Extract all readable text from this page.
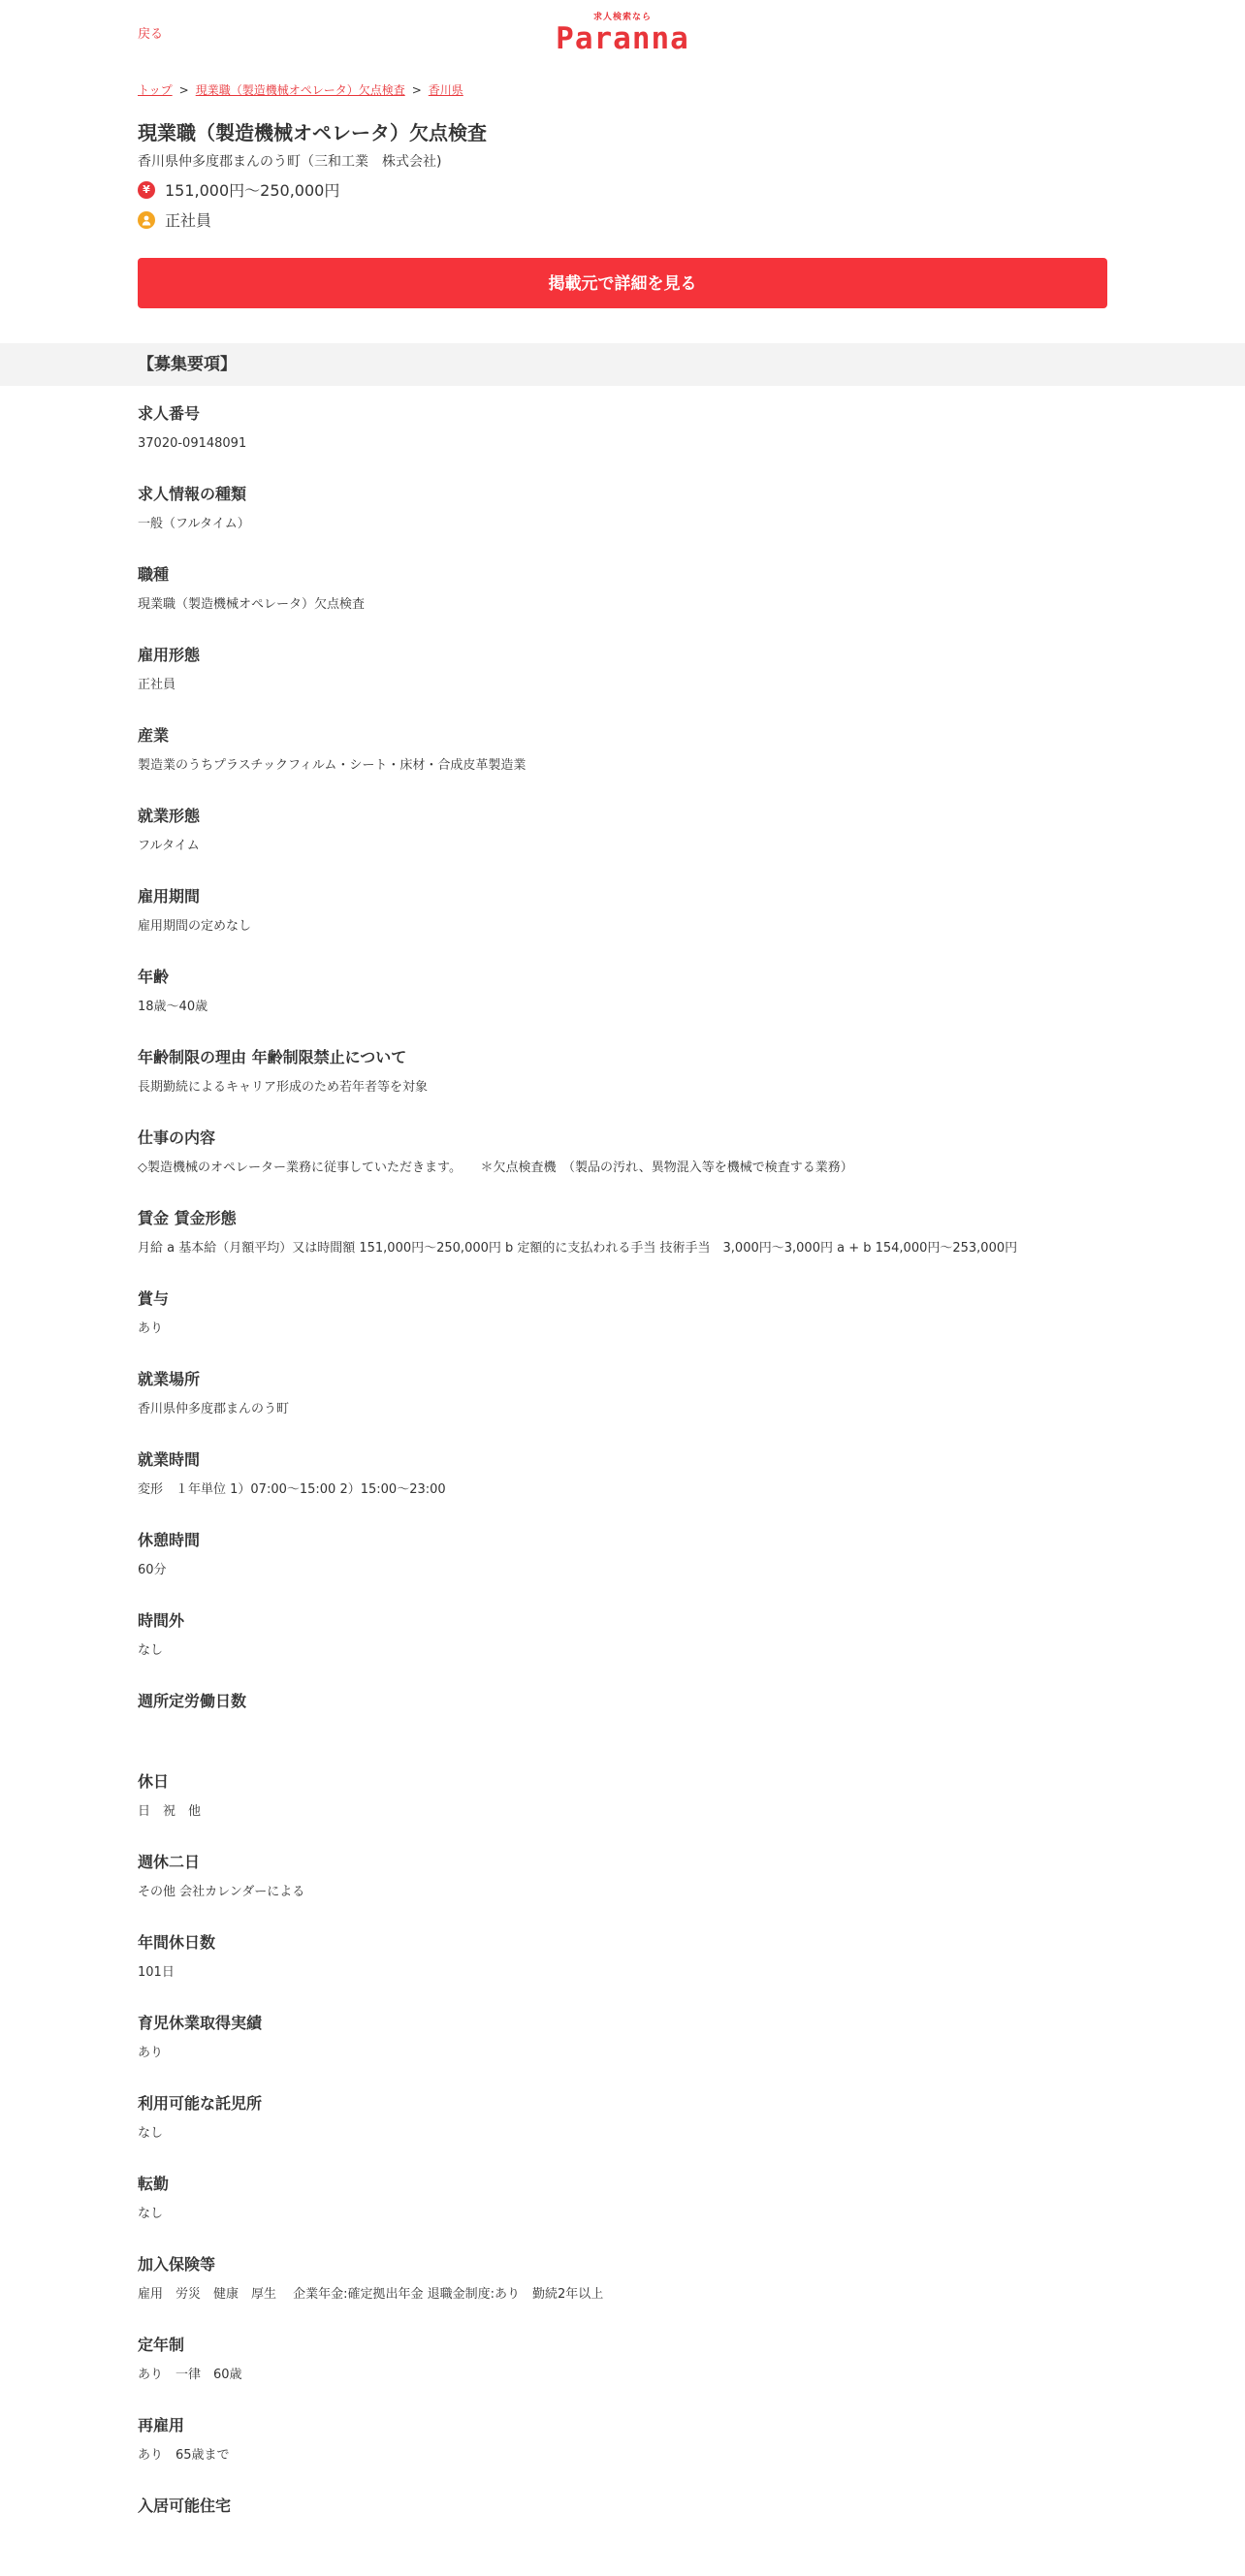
戻る
求人検索なら
Paranna
トップ > 現業職（製造機械オペレータ）欠点検査 > 香川県
現業職（製造機械オペレータ）欠点検査
香川県仲多度郡まんのう町（三和工業　株式会社)
¥ 151,000円～250,000円
正社員
掲載元で詳細を見る
【募集要項】
求人番号

37020-09148091

求人情報の種類

一般（フルタイム）

職種

現業職（製造機械オペレータ）欠点検査

雇用形態

正社員

産業

製造業のうちプラスチックフィルム・シート・床材・合成皮革製造業

就業形態

フルタイム

雇用期間

雇用期間の定めなし

年齢

18歳～40歳

年齢制限の理由 年齢制限禁止について

長期勤続によるキャリア形成のため若年者等を対象

仕事の内容

◇製造機械のオペレーター業務に従事していただきます。　　＊欠点検査機　（製品の汚れ、異物混入等を機械で検査する業務）

賃金 賃金形態

月給 a 基本給（月額平均）又は時間額 151,000円～250,000円 b 定額的に支払われる手当 技術手当　3,000円～3,000円 a + b 154,000円～253,000円

賞与

あり

就業場所

香川県仲多度郡まんのう町

就業時間

変形　１年単位 1）07:00～15:00 2）15:00～23:00

休憩時間

60分

時間外

なし

週所定労働日数

休日

日　祝　他

週休二日

その他 会社カレンダーによる

年間休日数

101日

育児休業取得実績

あり

利用可能な託児所

なし

転勤

なし

加入保険等

雇用　労災　健康　厚生　 企業年金:確定拠出年金 退職金制度:あり　勤続2年以上

定年制

あり　一律　60歳

再雇用

あり　65歳まで

入居可能住宅
